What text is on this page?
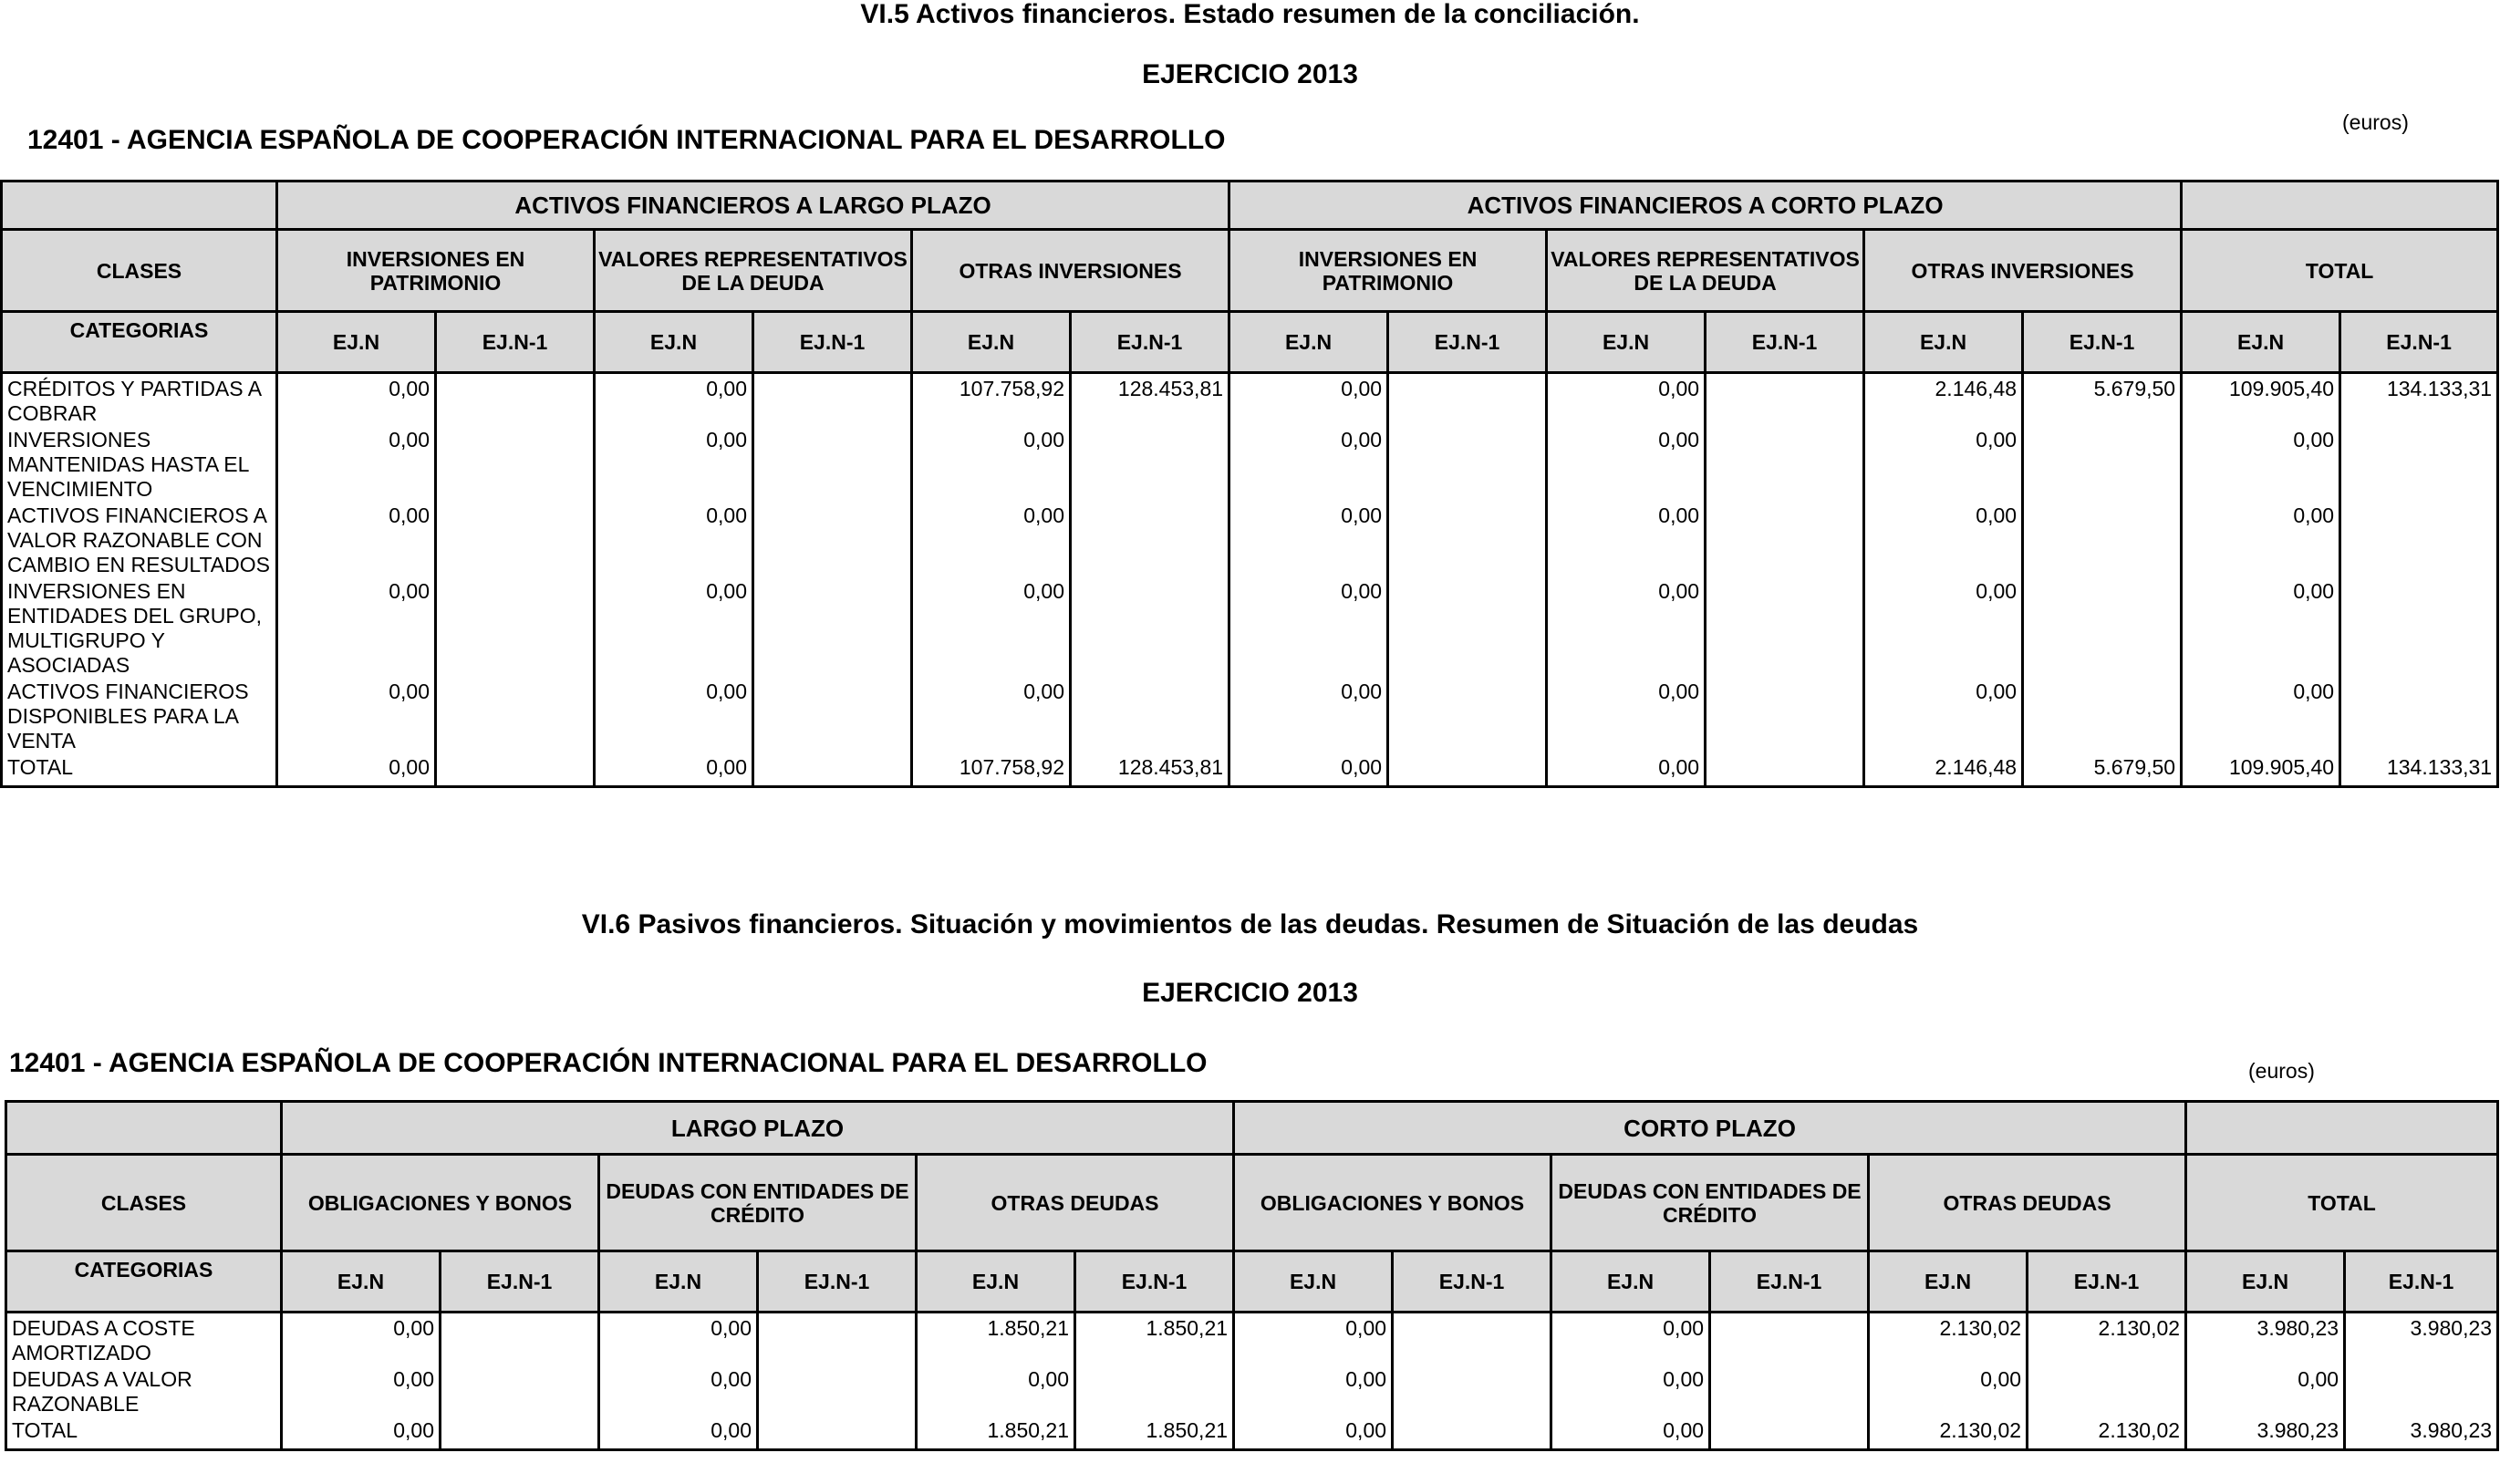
VI.5 Activos financieros. Estado resumen de la conciliación.
EJERCICIO 2013
12401 - AGENCIA ESPAÑOLA DE COOPERACIÓN INTERNACIONAL PARA EL DESARROLLO
(euros)
	ACTIVOS FINANCIEROS A LARGO PLAZO						ACTIVOS FINANCIEROS A CORTO PLAZO							
CLASES	INVERSIONES EN PATRIMONIO		VALORES REPRESENTATIVOS DE LA DEUDA		OTRAS INVERSIONES		INVERSIONES EN PATRIMONIO		VALORES REPRESENTATIVOS DE LA DEUDA		OTRAS INVERSIONES		TOTAL	
CATEGORIAS	EJ.N	EJ.N-1	EJ.N	EJ.N-1	EJ.N	EJ.N-1	EJ.N	EJ.N-1	EJ.N	EJ.N-1	EJ.N	EJ.N-1	EJ.N	EJ.N-1
CRÉDITOS Y PARTIDAS A COBRAR	0,00		0,00		107.758,92	128.453,81	0,00		0,00		2.146,48	5.679,50	109.905,40	134.133,31
INVERSIONES MANTENIDAS HASTA EL VENCIMIENTO	0,00		0,00		0,00		0,00		0,00		0,00		0,00	
ACTIVOS FINANCIEROS A VALOR RAZONABLE CON CAMBIO EN RESULTADOS	0,00		0,00		0,00		0,00		0,00		0,00		0,00	
INVERSIONES EN ENTIDADES DEL GRUPO, MULTIGRUPO Y ASOCIADAS	0,00		0,00		0,00		0,00		0,00		0,00		0,00	
ACTIVOS FINANCIEROS DISPONIBLES PARA LA VENTA	0,00		0,00		0,00		0,00		0,00		0,00		0,00	
TOTAL	0,00		0,00		107.758,92	128.453,81	0,00		0,00		2.146,48	5.679,50	109.905,40	134.133,31
VI.6 Pasivos financieros. Situación y movimientos de las deudas. Resumen de Situación de las deudas
EJERCICIO 2013
12401 - AGENCIA ESPAÑOLA DE COOPERACIÓN INTERNACIONAL PARA EL DESARROLLO	(euros)
	LARGO PLAZO						CORTO PLAZO							
CLASES	OBLIGACIONES Y BONOS		DEUDAS CON ENTIDADES DE CRÉDITO		OTRAS DEUDAS		OBLIGACIONES Y BONOS		DEUDAS CON ENTIDADES DE CRÉDITO		OTRAS DEUDAS		TOTAL	
CATEGORIAS	EJ.N	EJ.N-1	EJ.N	EJ.N-1	EJ.N	EJ.N-1	EJ.N	EJ.N-1	EJ.N	EJ.N-1	EJ.N	EJ.N-1	EJ.N	EJ.N-1
DEUDAS A COSTE AMORTIZADO	0,00		0,00		1.850,21	1.850,21	0,00		0,00		2.130,02	2.130,02	3.980,23	3.980,23
DEUDAS A VALOR RAZONABLE	0,00		0,00		0,00		0,00		0,00		0,00		0,00	
TOTAL	0,00		0,00		1.850,21	1.850,21	0,00		0,00		2.130,02	2.130,02	3.980,23	3.980,23
